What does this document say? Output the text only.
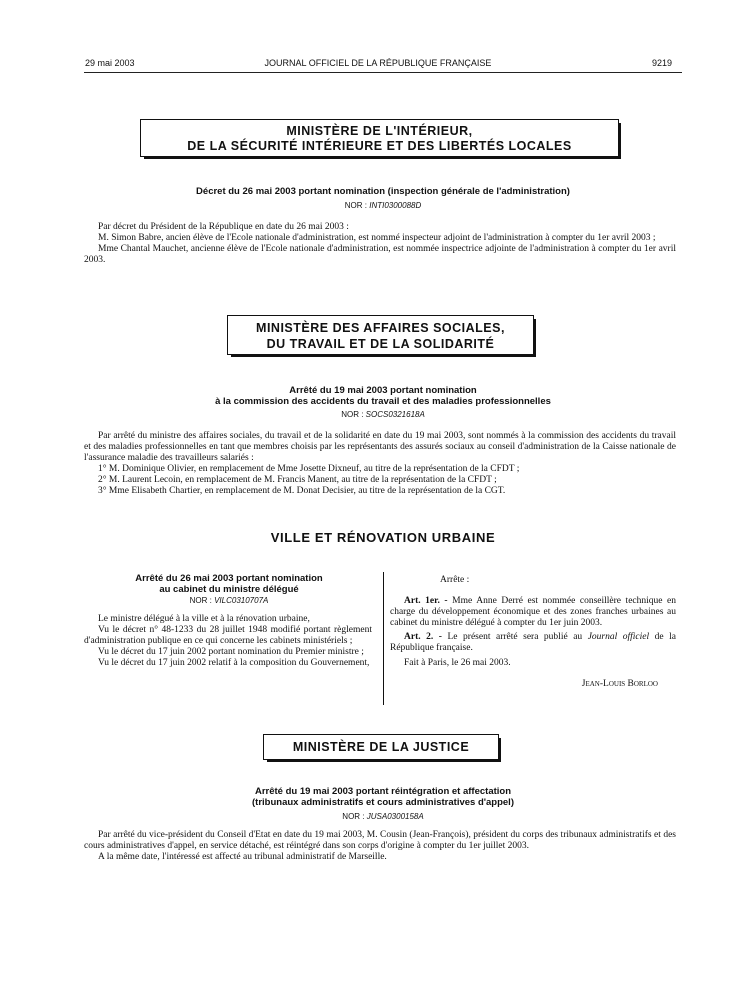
29 mai 2003	JOURNAL OFFICIEL DE LA RÉPUBLIQUE FRANÇAISE	9219
MINISTÈRE DE L'INTÉRIEUR,
DE LA SÉCURITÉ INTÉRIEURE ET DES LIBERTÉS LOCALES
Décret du 26 mai 2003 portant nomination (inspection générale de l'administration)
NOR : INTI0300088D

Par décret du Président de la République en date du 26 mai 2003 :

M. Simon Babre, ancien élève de l'Ecole nationale d'administration, est nommé inspecteur adjoint de l'administration à compter du 1er avril 2003 ;

Mme Chantal Mauchet, ancienne élève de l'Ecole nationale d'administration, est nommée inspectrice adjointe de l'administration à compter du 1er avril 2003.

MINISTÈRE DES AFFAIRES SOCIALES,
DU TRAVAIL ET DE LA SOLIDARITÉ
Arrêté du 19 mai 2003 portant nomination
à la commission des accidents du travail et des maladies professionnelles
NOR : SOCS0321618A

Par arrêté du ministre des affaires sociales, du travail et de la solidarité en date du 19 mai 2003, sont nommés à la commission des accidents du travail et des maladies professionnelles en tant que membres choisis par les représentants des assurés sociaux au conseil d'administration de la Caisse nationale de l'assurance maladie des travailleurs salariés :

1° M. Dominique Olivier, en remplacement de Mme Josette Dixneuf, au titre de la représentation de la CFDT ;

2° M. Laurent Lecoin, en remplacement de M. Francis Manent, au titre de la représentation de la CFDT ;

3° Mme Elisabeth Chartier, en remplacement de M. Donat Decisier, au titre de la représentation de la CGT.

VILLE ET RÉNOVATION URBAINE
Arrêté du 26 mai 2003 portant nomination
au cabinet du ministre délégué
NOR : VILC0310707A

Le ministre délégué à la ville et à la rénovation urbaine,

Vu le décret n° 48-1233 du 28 juillet 1948 modifié portant règlement d'administration publique en ce qui concerne les cabinets ministériels ;

Vu le décret du 17 juin 2002 portant nomination du Premier ministre ;

Vu le décret du 17 juin 2002 relatif à la composition du Gouvernement,

Arrête :

Art. 1er. - Mme Anne Derré est nommée conseillère technique en charge du développement économique et des zones franches urbaines au cabinet du ministre délégué à compter du 1er juin 2003.

Art. 2. - Le présent arrêté sera publié au Journal officiel de la République française.

Fait à Paris, le 26 mai 2003.

Jean-Louis Borloo

MINISTÈRE DE LA JUSTICE
Arrêté du 19 mai 2003 portant réintégration et affectation
(tribunaux administratifs et cours administratives d'appel)
NOR : JUSA0300158A

Par arrêté du vice-président du Conseil d'Etat en date du 19 mai 2003, M. Cousin (Jean-François), président du corps des tribunaux administratifs et des cours administratives d'appel, en service détaché, est réintégré dans son corps d'origine à compter du 1er juillet 2003.

A la même date, l'intéressé est affecté au tribunal administratif de Marseille.
